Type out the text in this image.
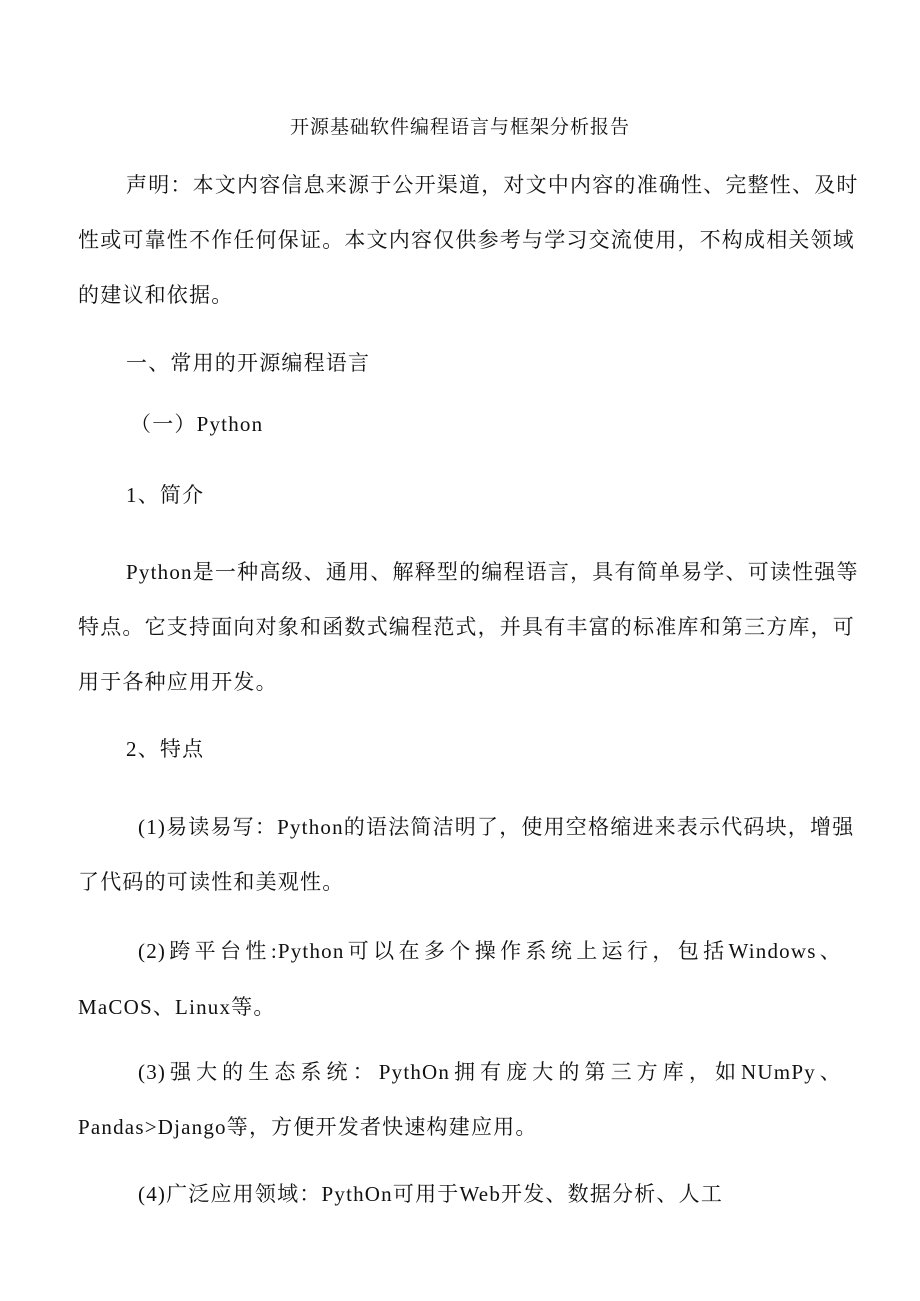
开源基础软件编程语言与框架分析报告
声明：本文内容信息来源于公开渠道，对文中内容的准确性、完整性、及时
性或可靠性不作任何保证。本文内容仅供参考与学习交流使用，不构成相关领域
的建议和依据。
一、常用的开源编程语言
（一）Python
1、简介
Python是一种高级、通用、解释型的编程语言，具有简单易学、可读性强等
特点。它支持面向对象和函数式编程范式，并具有丰富的标准库和第三方库，可
用于各种应用开发。
2、特点
(1)易读易写：Python的语法简洁明了，使用空格缩进来表示代码块，增强
了代码的可读性和美观性。
(2)跨平台性:Python可以在多个操作系统上运行，包括Windows、
MaCOS、Linux等。
(3)强大的生态系统：PythOn拥有庞大的第三方库，如NUmPy、
Pandas>Django等，方便开发者快速构建应用。
(4)广泛应用领域：PythOn可用于Web开发、数据分析、人工
